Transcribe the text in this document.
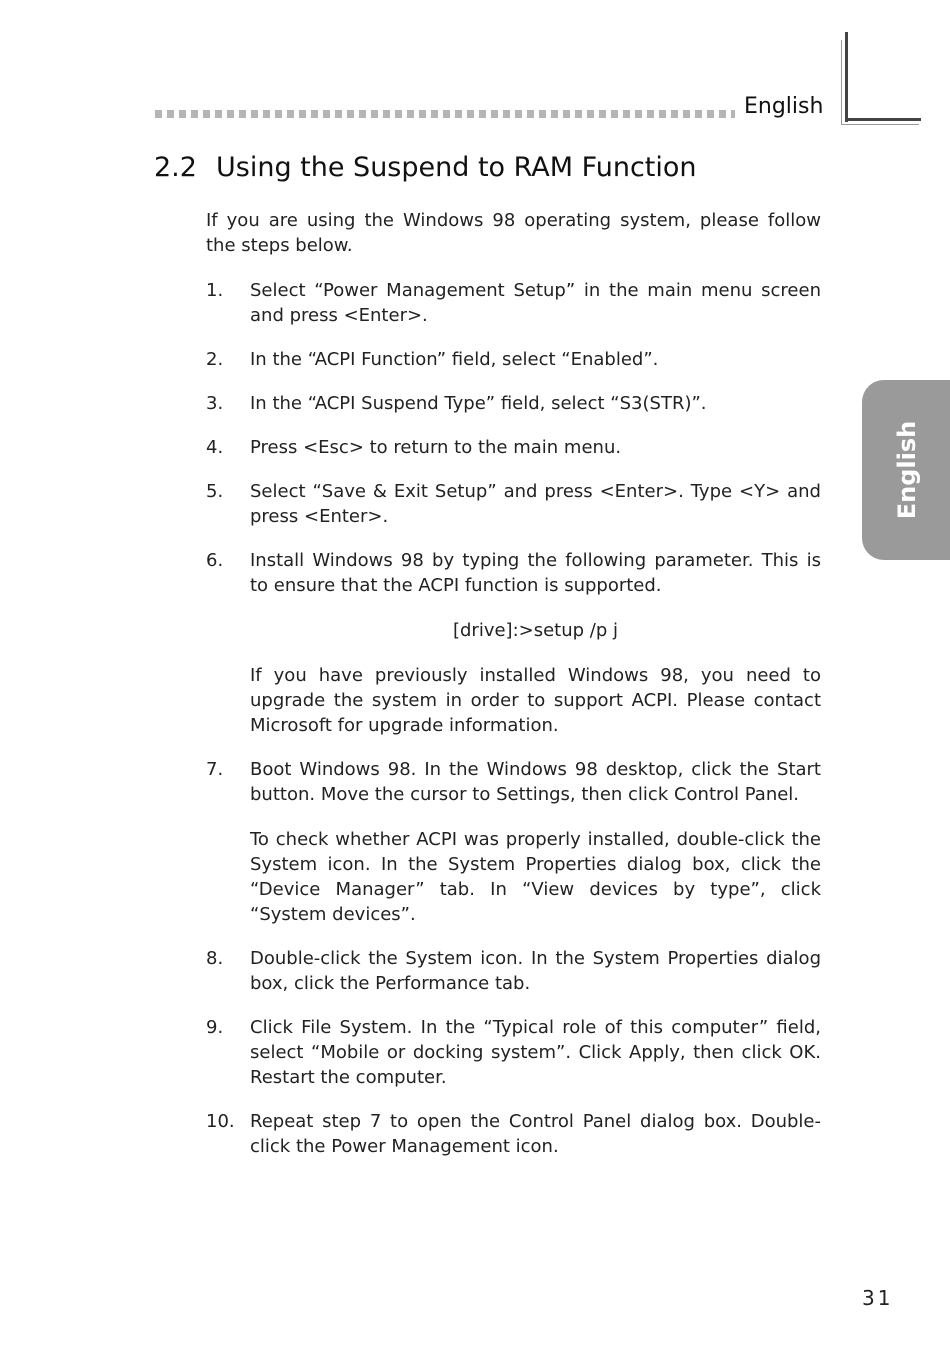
English
2.2 Using the Suspend to RAM Function
English

If you are using the Windows 98 operating system, please follow the steps below.

1.	Select “Power Management Setup” in the main menu screen and press <Enter>.

2.	In the “ACPI Function” field, select “Enabled”.

3.	In the “ACPI Suspend Type” field, select “S3(STR)”.

4.	Press <Esc> to return to the main menu.

5.	Select “Save & Exit Setup” and press <Enter>. Type <Y> and press <Enter>.

6.	Install Windows 98 by typing the following parameter. This is to ensure that the ACPI function is supported.

[drive]:>setup /p j

If you have previously installed Windows 98, you need to upgrade the system in order to support ACPI. Please contact Microsoft for upgrade information.

7.	Boot Windows 98. In the Windows 98 desktop, click the Start button. Move the cursor to Settings, then click Control Panel.

To check whether ACPI was properly installed, double-click the System icon. In the System Properties dialog box, click the “Device Manager” tab. In “View devices by type”, click “System devices”.

8.	Double-click the System icon. In the System Properties dialog box, click the Performance tab.

9.	Click File System. In the “Typical role of this computer” field, select “Mobile or docking system”. Click Apply, then click OK. Restart the computer.

10. Repeat step 7 to open the Control Panel dialog box. Double-click the Power Management icon.

31
